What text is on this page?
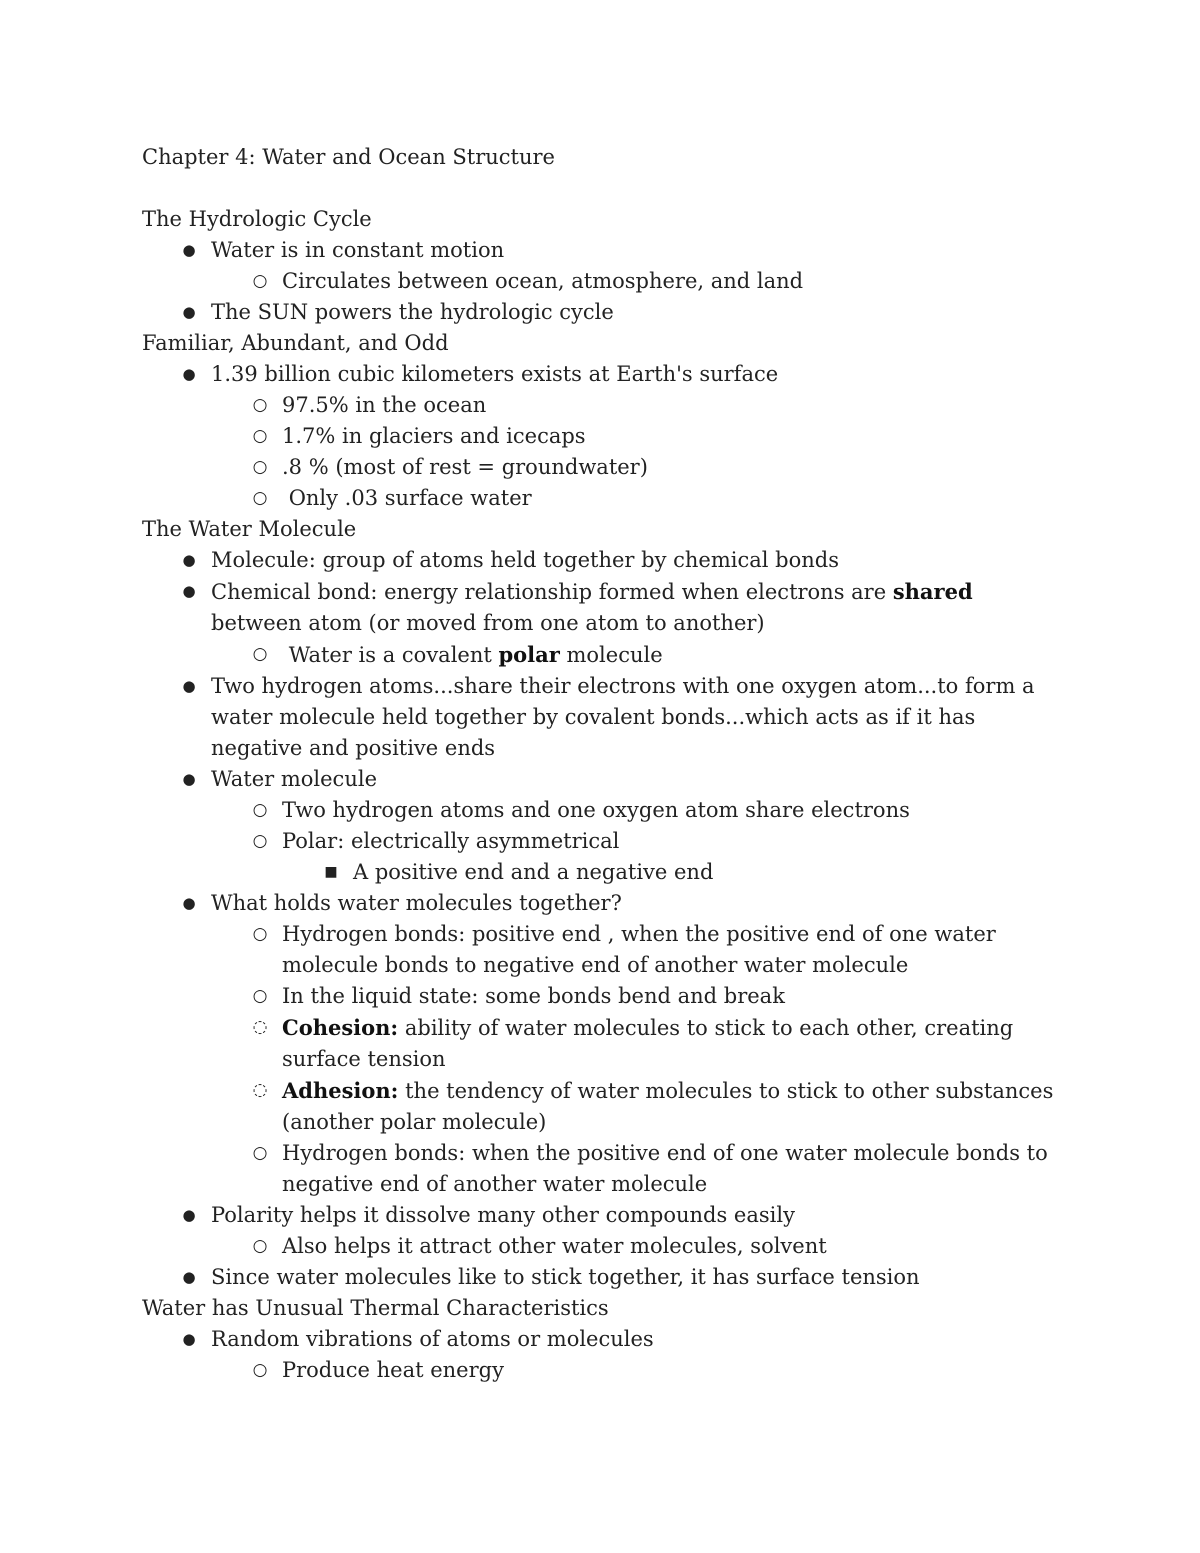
Chapter 4: Water and Ocean Structure
The Hydrologic Cycle
● Water is in constant motion
○ Circulates between ocean, atmosphere, and land
● The SUN powers the hydrologic cycle
Familiar, Abundant, and Odd
● 1.39 billion cubic kilometers exists at Earth's surface
○ 97.5% in the ocean
○ 1.7% in glaciers and icecaps
○ .8 % (most of rest = groundwater)
○ Only .03 surface water
The Water Molecule
● Molecule: group of atoms held together by chemical bonds
● Chemical bond: energy relationship formed when electrons are shared between atom (or moved from one atom to another)
○ Water is a covalent polar molecule
● Two hydrogen atoms...share their electrons with one oxygen atom...to form a water molecule held together by covalent bonds...which acts as if it has negative and positive ends
● Water molecule
○ Two hydrogen atoms and one oxygen atom share electrons
○ Polar: electrically asymmetrical
■ A positive end and a negative end
● What holds water molecules together?
○ Hydrogen bonds: positive end , when the positive end of one water molecule bonds to negative end of another water molecule
○ In the liquid state: some bonds bend and break
◌ Cohesion: ability of water molecules to stick to each other, creating surface tension
◌ Adhesion: the tendency of water molecules to stick to other substances (another polar molecule)
○ Hydrogen bonds: when the positive end of one water molecule bonds to negative end of another water molecule
● Polarity helps it dissolve many other compounds easily
○ Also helps it attract other water molecules, solvent
● Since water molecules like to stick together, it has surface tension
Water has Unusual Thermal Characteristics
● Random vibrations of atoms or molecules
○ Produce heat energy
